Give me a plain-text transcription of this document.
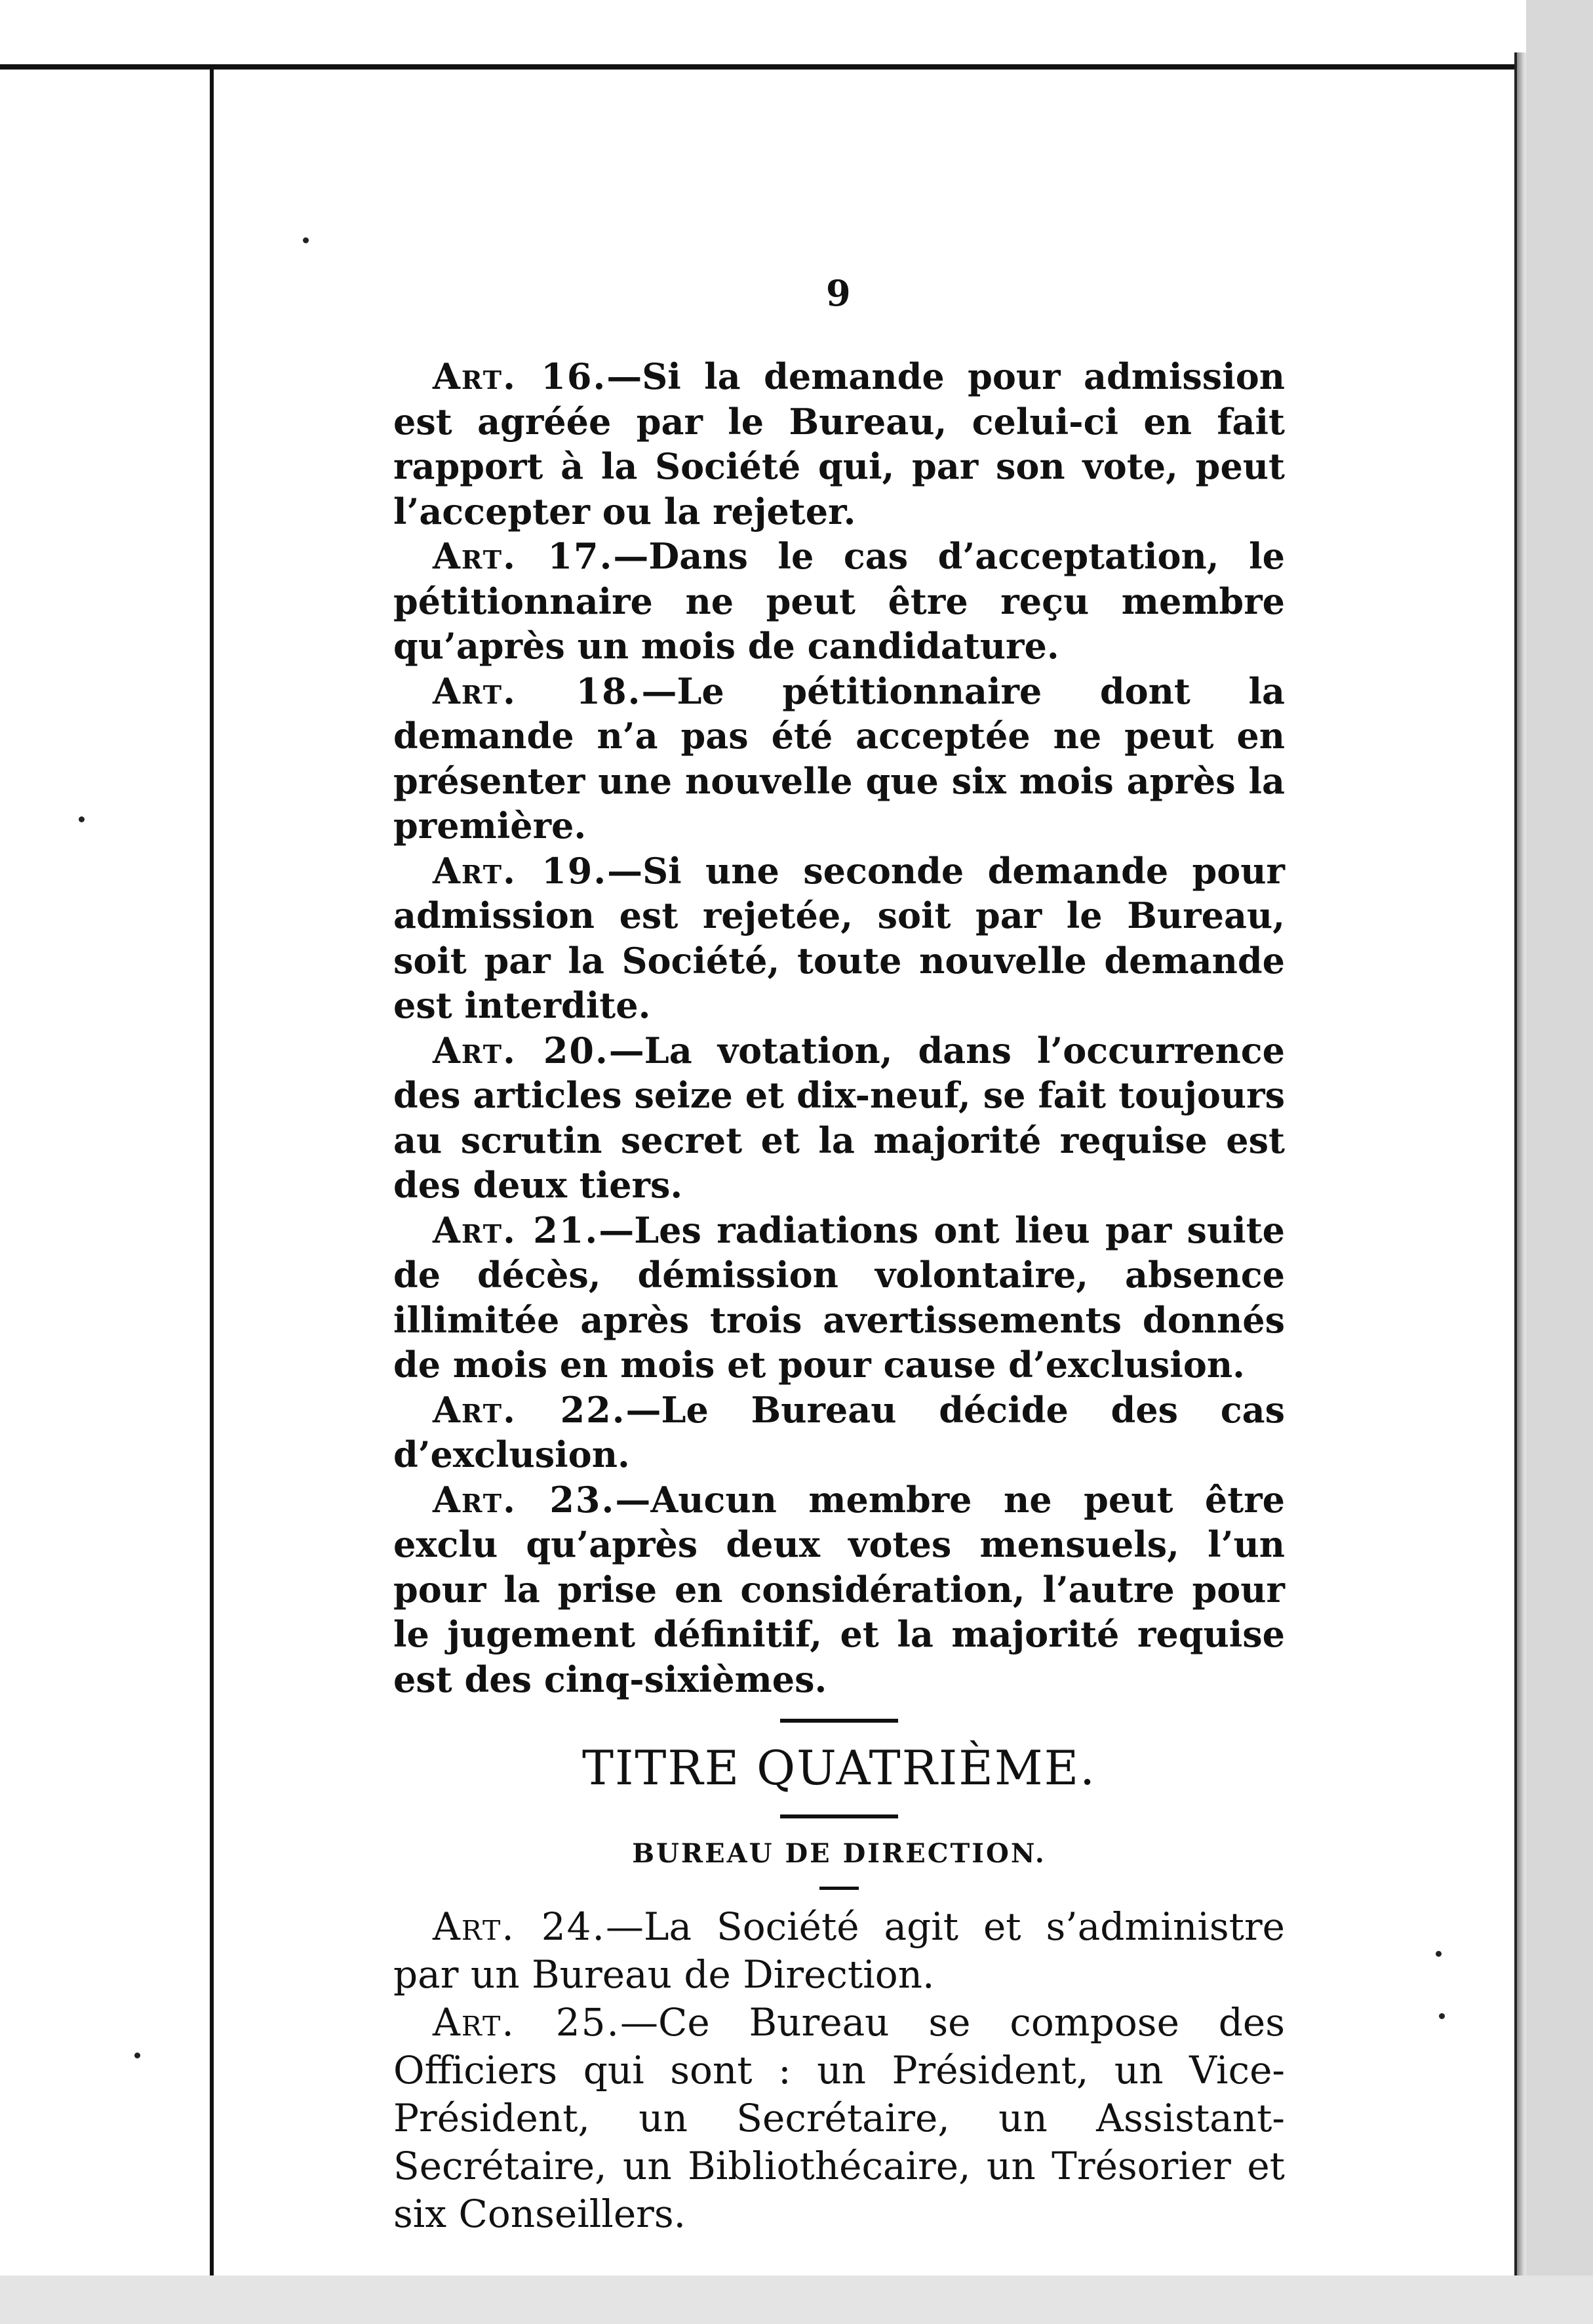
9

Art. 16.—Si la demande pour admission est agréée par le Bureau, celui-ci en fait rapport à la Société qui, par son vote, peut l’accepter ou la rejeter.

Art. 17.—Dans le cas d’acceptation, le pétitionnaire ne peut être reçu membre qu’après un mois de candidature.

Art. 18.—Le pétitionnaire dont la demande n’a pas été acceptée ne peut en présenter une nouvelle que six mois après la première.

Art. 19.—Si une seconde demande pour admission est rejetée, soit par le Bureau, soit par la Société, toute nouvelle demande est interdite.

Art. 20.—La votation, dans l’occurrence des articles seize et dix-neuf, se fait toujours au scrutin secret et la majorité requise est des deux tiers.

Art. 21.—Les radiations ont lieu par suite de décès, démission volontaire, absence illimitée après trois avertissements donnés de mois en mois et pour cause d’exclusion.

Art. 22.—Le Bureau décide des cas d’exclusion.

Art. 23.—Aucun membre ne peut être exclu qu’après deux votes mensuels, l’un pour la prise en considération, l’autre pour le jugement définitif, et la majorité requise est des cinq-sixièmes.

TITRE QUATRIÈME.
BUREAU DE DIRECTION.

Art. 24.—La Société agit et s’administre par un Bureau de Direction.

Art. 25.—Ce Bureau se compose des Officiers qui sont : un Président, un Vice-Président, un Secrétaire, un Assistant-Secrétaire, un Bibliothécaire, un Trésorier et six Conseillers.
